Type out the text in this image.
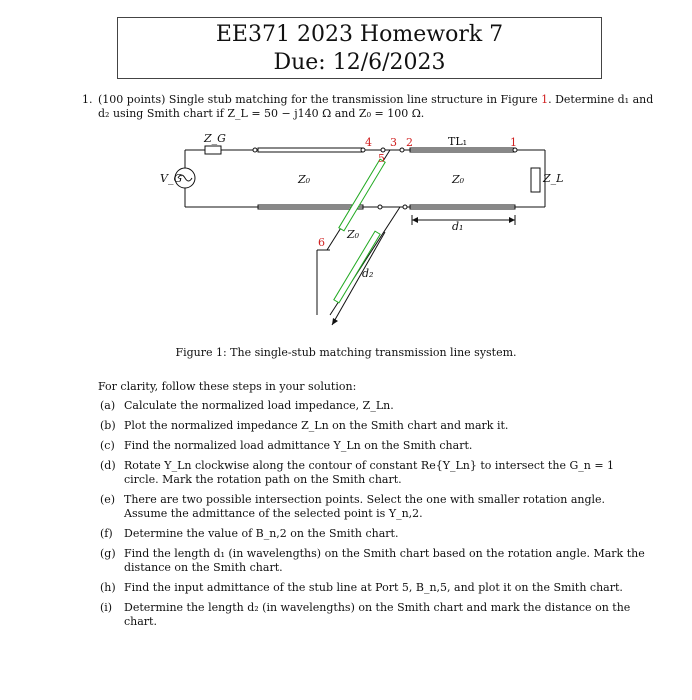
EE371 2023 Homework 7
Due: 12/6/2023
1. (100 points) Single stub matching for the transmission line structure in Figure 1. Determine d₁ and d₂ using Smith chart if Z_L = 50 − j140 Ω and Z₀ = 100 Ω.
Z_G
V_G	Z₀	Z₀
Z₀
Z_L
d₁
d₂
TL₁	1
2
3
4
5
6
Figure 1: The single-stub matching transmission line system.
For clarity, follow these steps in your solution:
(a) Calculate the normalized load impedance, Z_Ln.
(b) Plot the normalized impedance Z_Ln on the Smith chart and mark it.
(c) Find the normalized load admittance Y_Ln on the Smith chart.
(d) Rotate Y_Ln clockwise along the contour of constant Re{Y_Ln} to intersect the G_n = 1 circle. Mark the rotation path on the Smith chart.
(e) There are two possible intersection points. Select the one with smaller rotation angle. Assume the admittance of the selected point is Y_n,2.
(f) Determine the value of B_n,2 on the Smith chart.
(g) Find the length d₁ (in wavelengths) on the Smith chart based on the rotation angle. Mark the distance on the Smith chart.
(h) Find the input admittance of the stub line at Port 5, B_n,5, and plot it on the Smith chart.
(i) Determine the length d₂ (in wavelengths) on the Smith chart and mark the distance on the chart.
